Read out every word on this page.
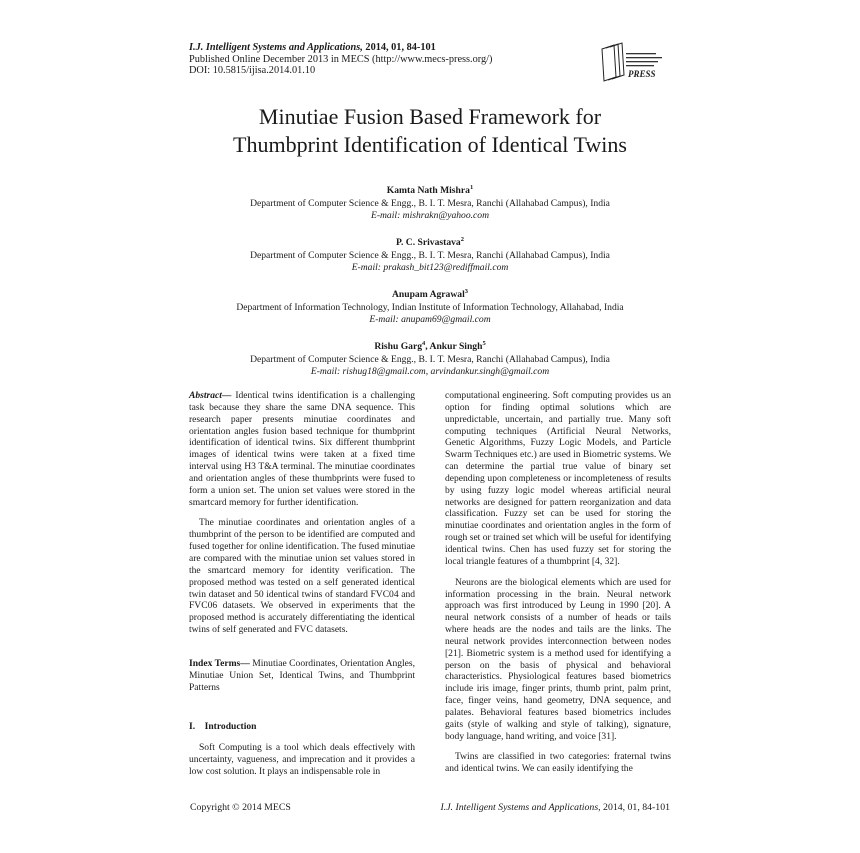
I.J. Intelligent Systems and Applications, 2014, 01, 84-101
Published Online December 2013 in MECS (http://www.mecs-press.org/)
DOI: 10.5815/ijisa.2014.01.10	PRESS
Minutiae Fusion Based Framework for
Thumbprint Identification of Identical Twins
Kamta Nath Mishra$^1$
Department of Computer Science & Engg., B. I. T. Mesra, Ranchi (Allahabad Campus), India
E-mail: mishrakn@yahoo.com
P. C. Srivastava$^2$
Department of Computer Science & Engg., B. I. T. Mesra, Ranchi (Allahabad Campus), India
E-mail: prakash_bit123@rediffmail.com
Anupam Agrawal$^3$
Department of Information Technology, Indian Institute of Information Technology, Allahabad, India
E-mail: anupam69@gmail.com
Rishu Garg$^4$, Ankur Singh$^5$
Department of Computer Science & Engg., B. I. T. Mesra, Ranchi (Allahabad Campus), India
E-mail: rishug18@gmail.com, arvindankur.singh@gmail.com

Abstract— Identical twins identification is a challenging task because they share the same DNA sequence. This research paper presents minutiae coordinates and orientation angles fusion based technique for thumbprint identification of identical twins. Six different thumbprint images of identical twins were taken at a fixed time interval using H3 T&A terminal. The minutiae coordinates and orientation angles of these thumbprints were fused to form a union set. The union set values were stored in the smartcard memory for further identification.

The minutiae coordinates and orientation angles of a thumbprint of the person to be identified are computed and fused together for online identification. The fused minutiae are compared with the minutiae union set values stored in the smartcard memory for identity verification. The proposed method was tested on a self generated identical twin dataset and 50 identical twins of standard FVC04 and FVC06 datasets. We observed in experiments that the proposed method is accurately differentiating the identical twins of self generated and FVC datasets.

Index Terms— Minutiae Coordinates, Orientation Angles, Minutiae Union Set, Identical Twins, and Thumbprint Patterns

I. Introduction

Soft Computing is a tool which deals effectively with uncertainty, vagueness, and imprecation and it provides a low cost solution. It plays an indispensable role in

computational engineering. Soft computing provides us an option for finding optimal solutions which are unpredictable, uncertain, and partially true. Many soft computing techniques (Artificial Neural Networks, Genetic Algorithms, Fuzzy Logic Models, and Particle Swarm Techniques etc.) are used in Biometric systems. We can determine the partial true value of binary set depending upon completeness or incompleteness of results by using fuzzy logic model whereas artificial neural networks are designed for pattern reorganization and data classification. Fuzzy set can be used for storing the minutiae coordinates and orientation angles in the form of rough set or trained set which will be useful for identifying identical twins. Chen has used fuzzy set for storing the local triangle features of a thumbprint [4, 32].

Neurons are the biological elements which are used for information processing in the brain. Neural network approach was first introduced by Leung in 1990 [20]. A neural network consists of a number of heads or tails where heads are the nodes and tails are the links. The neural network provides interconnection between nodes [21]. Biometric system is a method used for identifying a person on the basis of physical and behavioral characteristics. Physiological features based biometrics include iris image, finger prints, thumb print, palm print, face, finger veins, hand geometry, DNA sequence, and palates. Behavioral features based biometrics includes gaits (style of walking and style of talking), signature, body language, hand writing, and voice [31].

Twins are classified in two categories: fraternal twins and identical twins. We can easily identifying the

Copyright © 2014 MECS	I.J. Intelligent Systems and Applications, 2014, 01, 84-101
